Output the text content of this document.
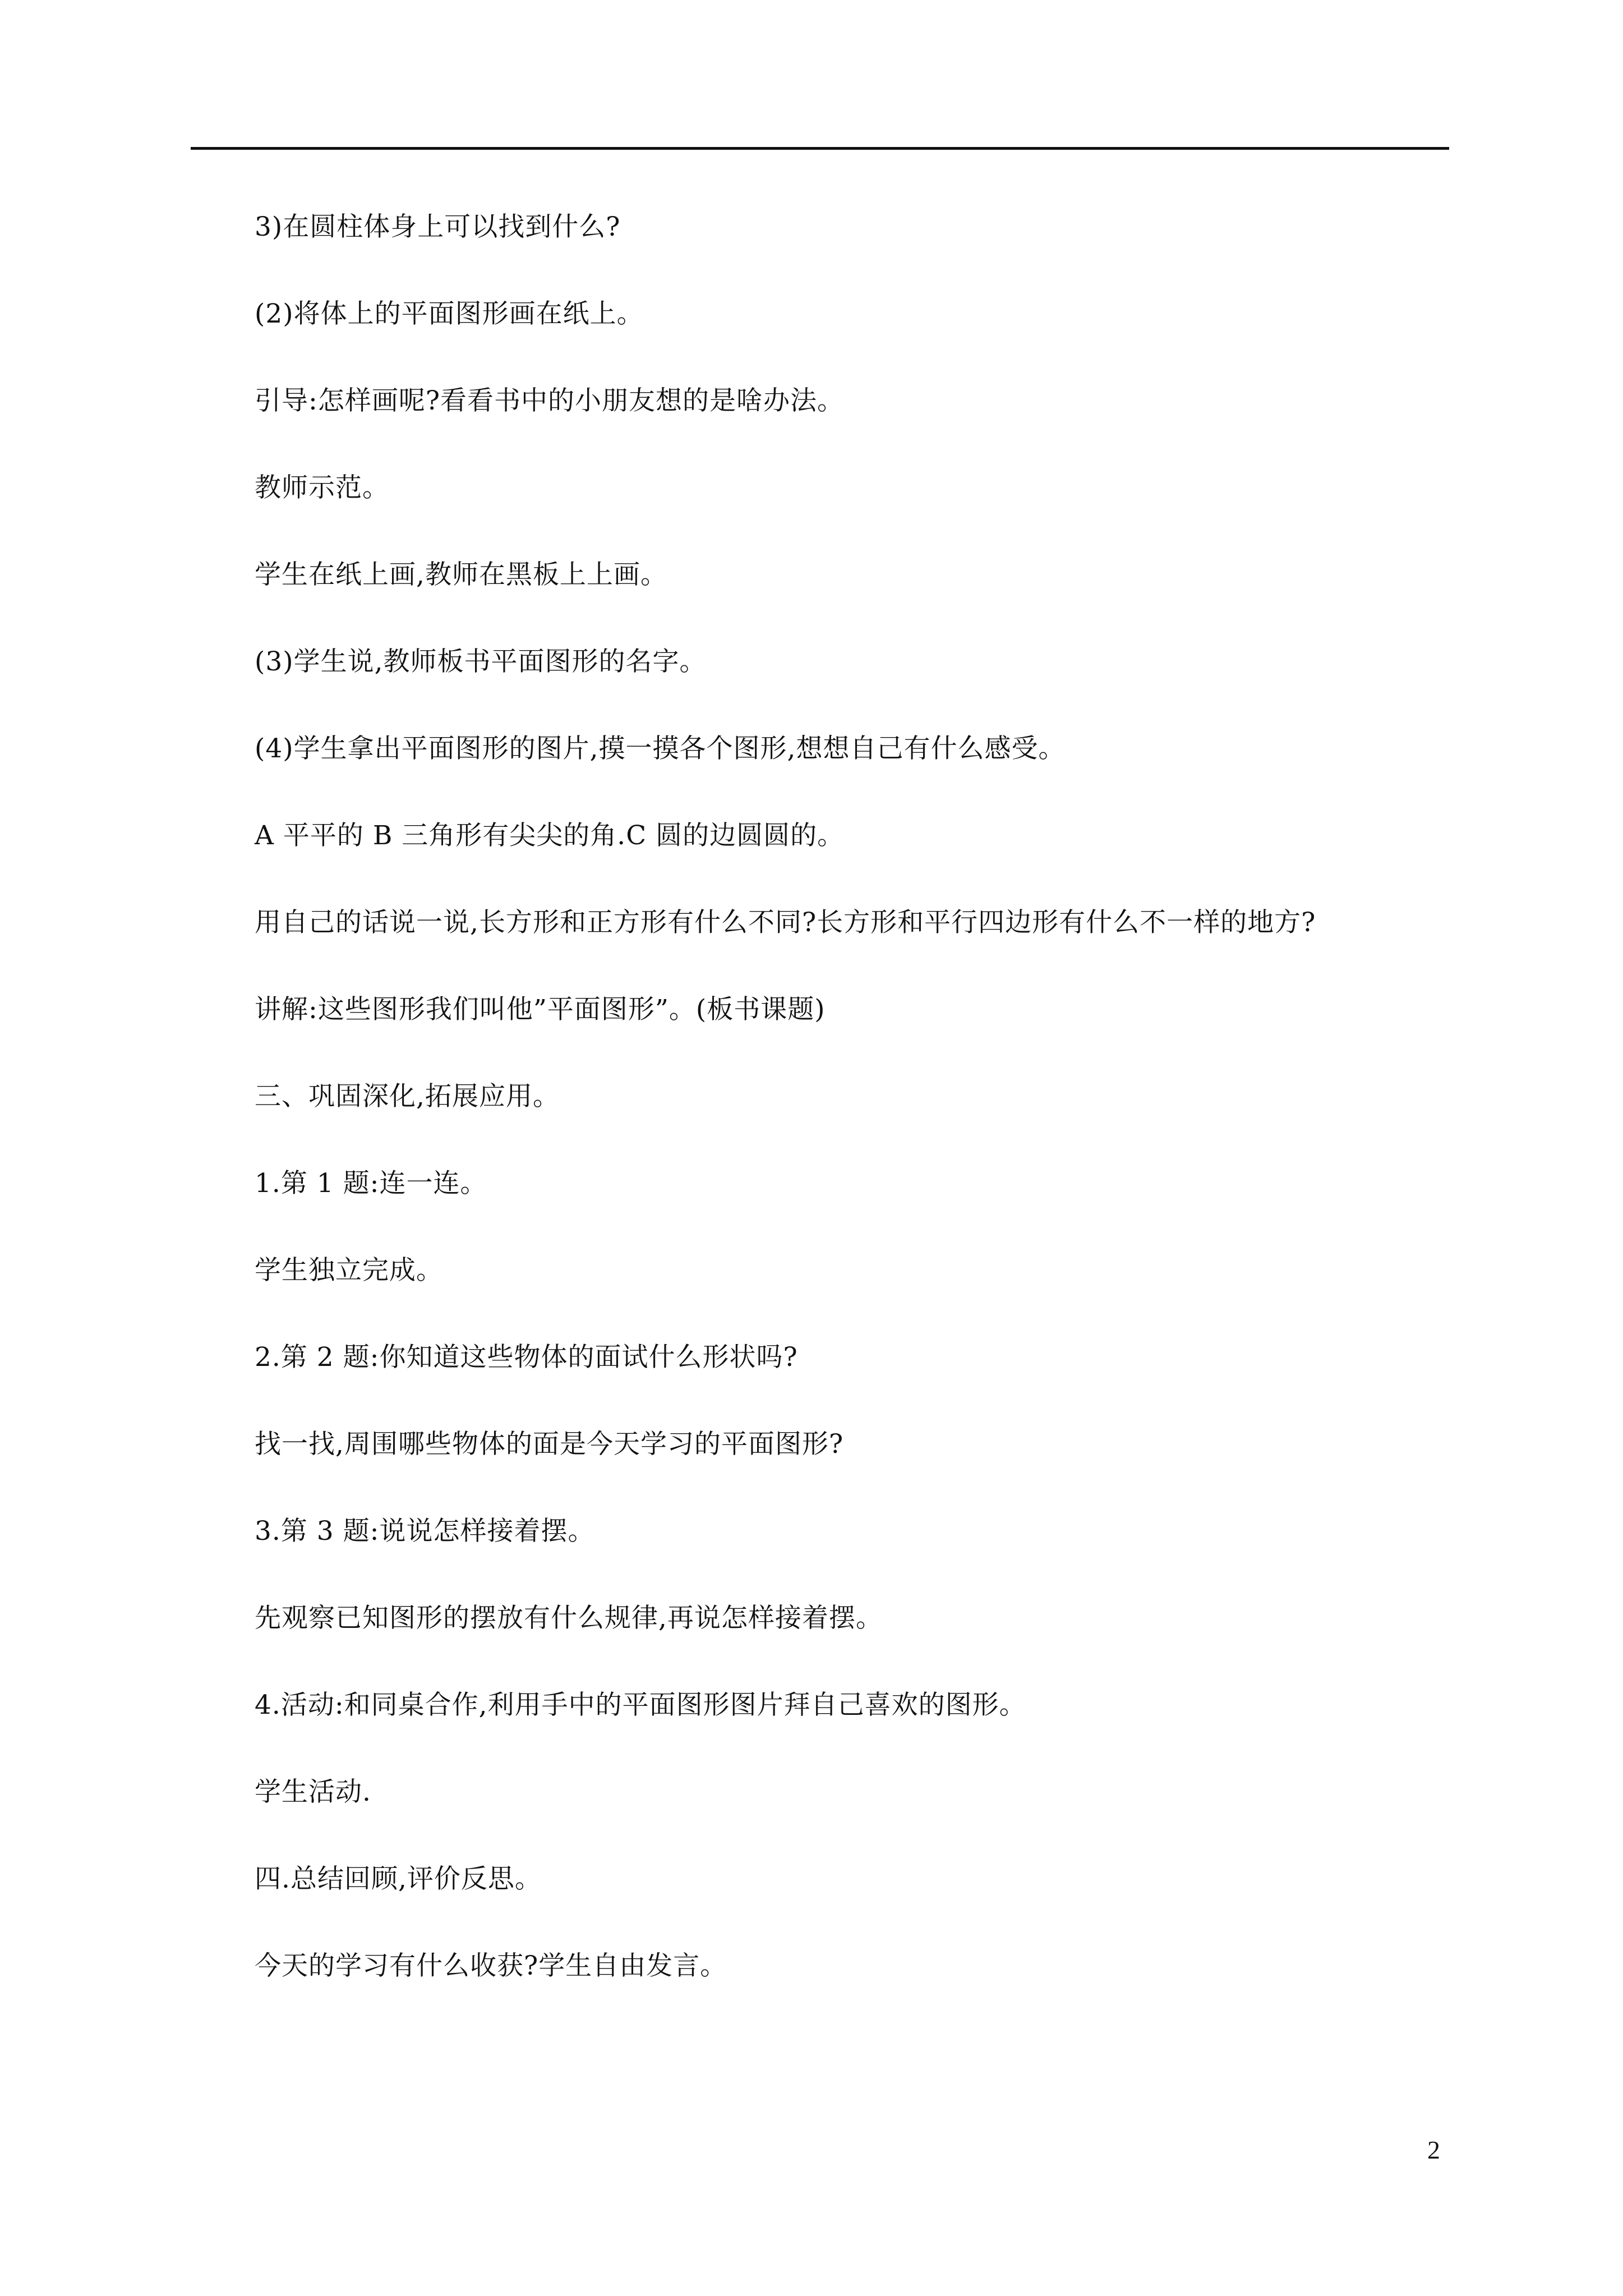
3)在圆柱体身上可以找到什么?
(2)将体上的平面图形画在纸上。
引导:怎样画呢?看看书中的小朋友想的是啥办法。
教师示范。
学生在纸上画,教师在黑板上上画。
(3)学生说,教师板书平面图形的名字。
(4)学生拿出平面图形的图片,摸一摸各个图形,想想自己有什么感受。
A 平平的 B 三角形有尖尖的角.C 圆的边圆圆的。
用自己的话说一说,长方形和正方形有什么不同?长方形和平行四边形有什么不一样的地方?
讲解:这些图形我们叫他”平面图形”。(板书课题)
三、巩固深化,拓展应用。
1.第 1 题:连一连。
学生独立完成。
2.第 2 题:你知道这些物体的面试什么形状吗?
找一找,周围哪些物体的面是今天学习的平面图形?
3.第 3 题:说说怎样接着摆。
先观察已知图形的摆放有什么规律,再说怎样接着摆。
4.活动:和同桌合作,利用手中的平面图形图片拜自己喜欢的图形。
学生活动.
四.总结回顾,评价反思。
今天的学习有什么收获?学生自由发言。
2
